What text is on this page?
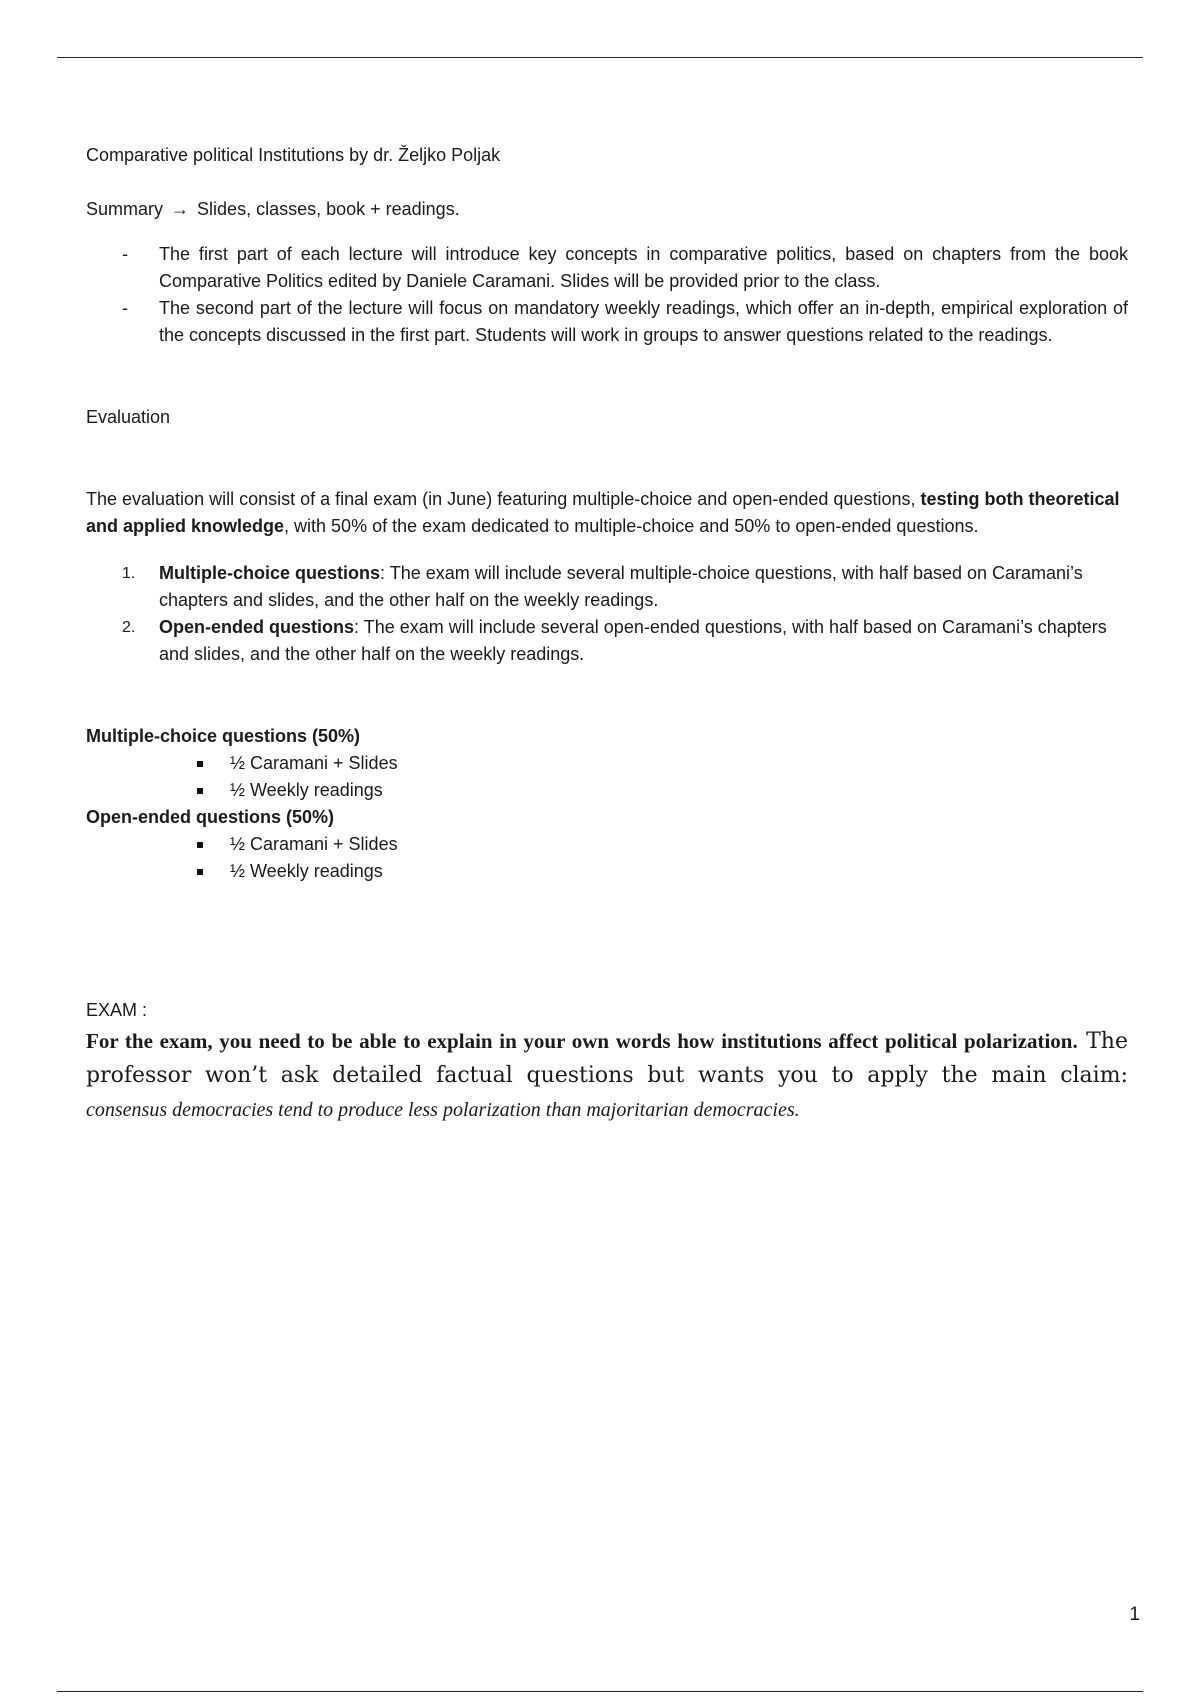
Comparative political Institutions by dr. Željko Poljak

Summary → Slides, classes, book + readings.

- The first part of each lecture will introduce key concepts in comparative politics, based on chapters from the book Comparative Politics edited by Daniele Caramani. Slides will be provided prior to the class.
- The second part of the lecture will focus on mandatory weekly readings, which offer an in-depth, empirical exploration of the concepts discussed in the first part. Students will work in groups to answer questions related to the readings.

Evaluation

The evaluation will consist of a final exam (in June) featuring multiple-choice and open-ended questions, testing both theoretical and applied knowledge, with 50% of the exam dedicated to multiple-choice and 50% to open-ended questions.

1. Multiple-choice questions: The exam will include several multiple-choice questions, with half based on Caramani’s chapters and slides, and the other half on the weekly readings.
2. Open-ended questions: The exam will include several open-ended questions, with half based on Caramani’s chapters and slides, and the other half on the weekly readings.

Multiple-choice questions (50%)

½ Caramani + Slides
½ Weekly readings

Open-ended questions (50%)

½ Caramani + Slides
½ Weekly readings

EXAM :

For the exam, you need to be able to explain in your own words how institutions affect political polarization. The professor won’t ask detailed factual questions but wants you to apply the main claim: consensus democracies tend to produce less polarization than majoritarian democracies.

1
